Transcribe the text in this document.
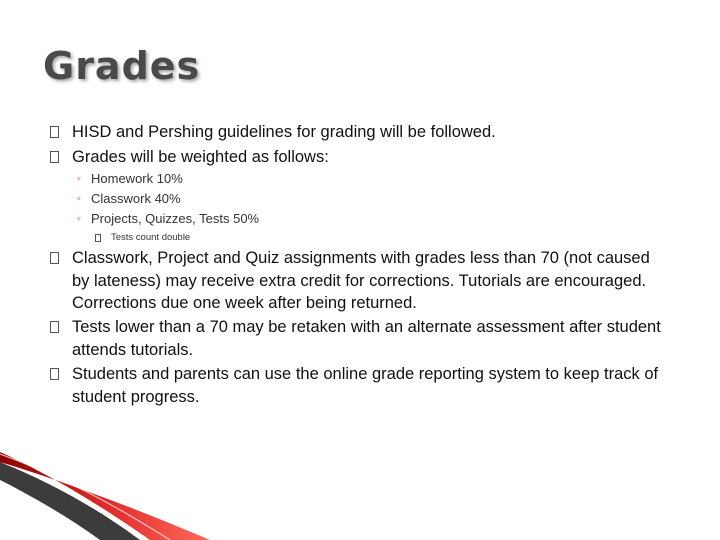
Grades
HISD and Pershing guidelines for grading will be followed.
Grades will be weighted as follows:
◦ Homework 10%
◦ Classwork 40%
◦ Projects, Quizzes, Tests 50%
Tests count double
Classwork, Project and Quiz assignments with grades less than 70 (not caused by lateness) may receive extra credit for corrections. Tutorials are encouraged. Corrections due one week after being returned.
Tests lower than a 70 may be retaken with an alternate assessment after student attends tutorials.
Students and parents can use the online grade reporting system to keep track of student progress.
